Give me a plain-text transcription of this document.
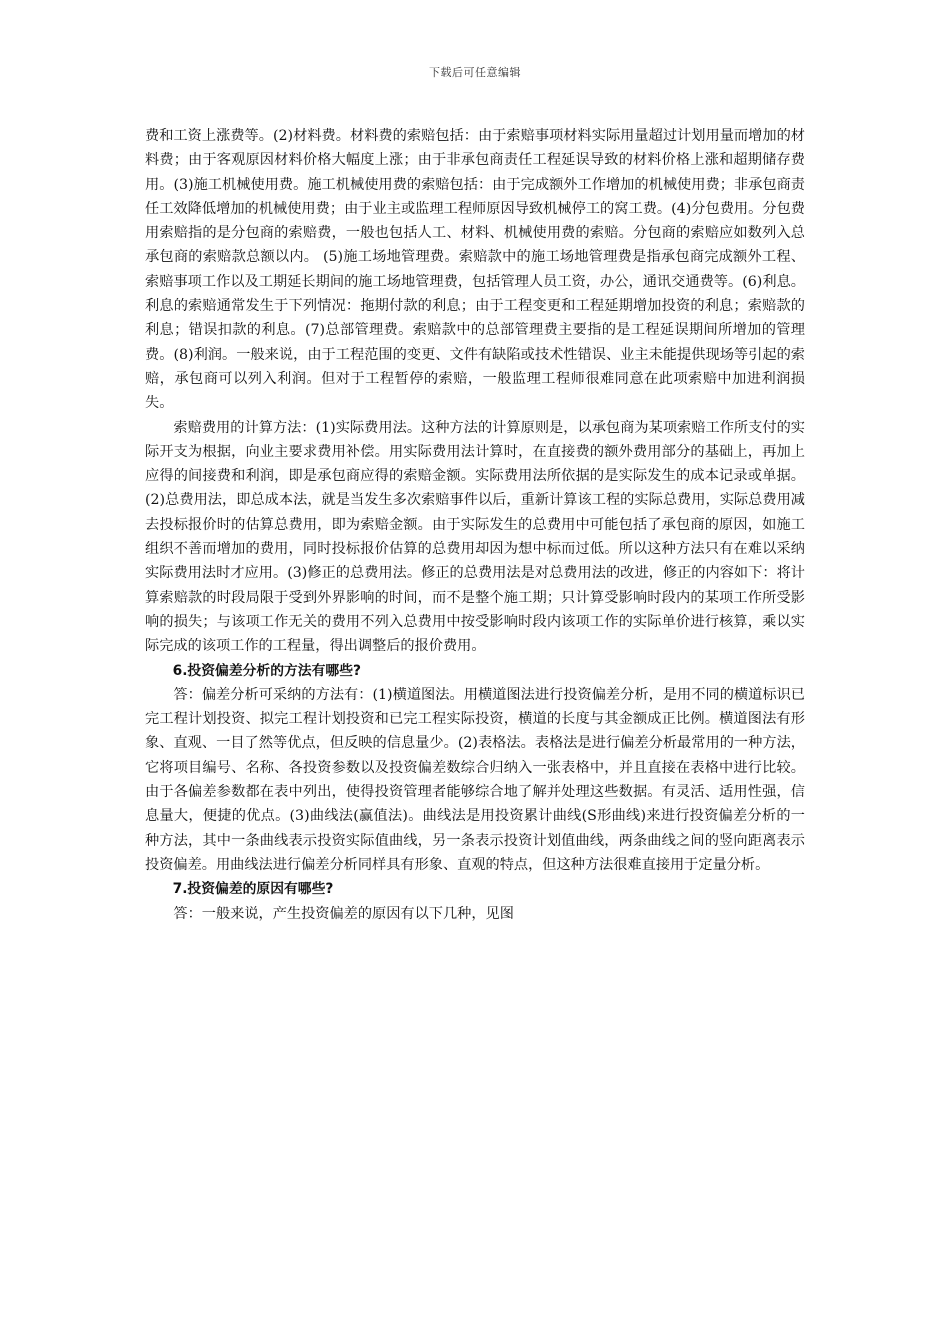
下载后可任意编辑

费和工资上涨费等。(2)材料费。材料费的索赔包括：由于索赔事项材料实际用量超过计划用量而增加的材料费；由于客观原因材料价格大幅度上涨；由于非承包商责任工程延误导致的材料价格上涨和超期储存费用。(3)施工机械使用费。施工机械使用费的索赔包括：由于完成额外工作增加的机械使用费；非承包商责任工效降低增加的机械使用费；由于业主或监理工程师原因导致机械停工的窝工费。(4)分包费用。分包费用索赔指的是分包商的索赔费，一般也包括人工、材料、机械使用费的索赔。分包商的索赔应如数列入总承包商的索赔款总额以内。 (5)施工场地管理费。索赔款中的施工场地管理费是指承包商完成额外工程、索赔事项工作以及工期延长期间的施工场地管理费，包括管理人员工资，办公，通讯交通费等。(6)利息。利息的索赔通常发生于下列情况：拖期付款的利息；由于工程变更和工程延期增加投资的利息；索赔款的利息；错误扣款的利息。(7)总部管理费。索赔款中的总部管理费主要指的是工程延误期间所增加的管理费。(8)利润。一般来说，由于工程范围的变更、文件有缺陷或技术性错误、业主未能提供现场等引起的索赔，承包商可以列入利润。但对于工程暂停的索赔，一般监理工程师很难同意在此项索赔中加进利润损失。

索赔费用的计算方法：(1)实际费用法。这种方法的计算原则是，以承包商为某项索赔工作所支付的实际开支为根据，向业主要求费用补偿。用实际费用法计算时，在直接费的额外费用部分的基础上，再加上应得的间接费和利润，即是承包商应得的索赔金额。实际费用法所依据的是实际发生的成本记录或单据。(2)总费用法，即总成本法，就是当发生多次索赔事件以后，重新计算该工程的实际总费用，实际总费用减去投标报价时的估算总费用，即为索赔金额。由于实际发生的总费用中可能包括了承包商的原因，如施工组织不善而增加的费用，同时投标报价估算的总费用却因为想中标而过低。所以这种方法只有在难以采纳实际费用法时才应用。(3)修正的总费用法。修正的总费用法是对总费用法的改进，修正的内容如下：将计算索赔款的时段局限于受到外界影响的时间，而不是整个施工期；只计算受影响时段内的某项工作所受影响的损失；与该项工作无关的费用不列入总费用中按受影响时段内该项工作的实际单价进行核算，乘以实际完成的该项工作的工程量，得出调整后的报价费用。

6.投资偏差分析的方法有哪些?

答：偏差分析可采纳的方法有：(1)横道图法。用横道图法进行投资偏差分析，是用不同的横道标识已完工程计划投资、拟完工程计划投资和已完工程实际投资，横道的长度与其金额成正比例。横道图法有形象、直观、一目了然等优点，但反映的信息量少。(2)表格法。表格法是进行偏差分析最常用的一种方法，它将项目编号、名称、各投资参数以及投资偏差数综合归纳入一张表格中，并且直接在表格中进行比较。由于各偏差参数都在表中列出，使得投资管理者能够综合地了解并处理这些数据。有灵活、适用性强，信息量大，便捷的优点。(3)曲线法(赢值法)。曲线法是用投资累计曲线(S形曲线)来进行投资偏差分析的一种方法，其中一条曲线表示投资实际值曲线，另一条表示投资计划值曲线，两条曲线之间的竖向距离表示投资偏差。用曲线法进行偏差分析同样具有形象、直观的特点，但这种方法很难直接用于定量分析。

7.投资偏差的原因有哪些?

答：一般来说，产生投资偏差的原因有以下几种，见图
